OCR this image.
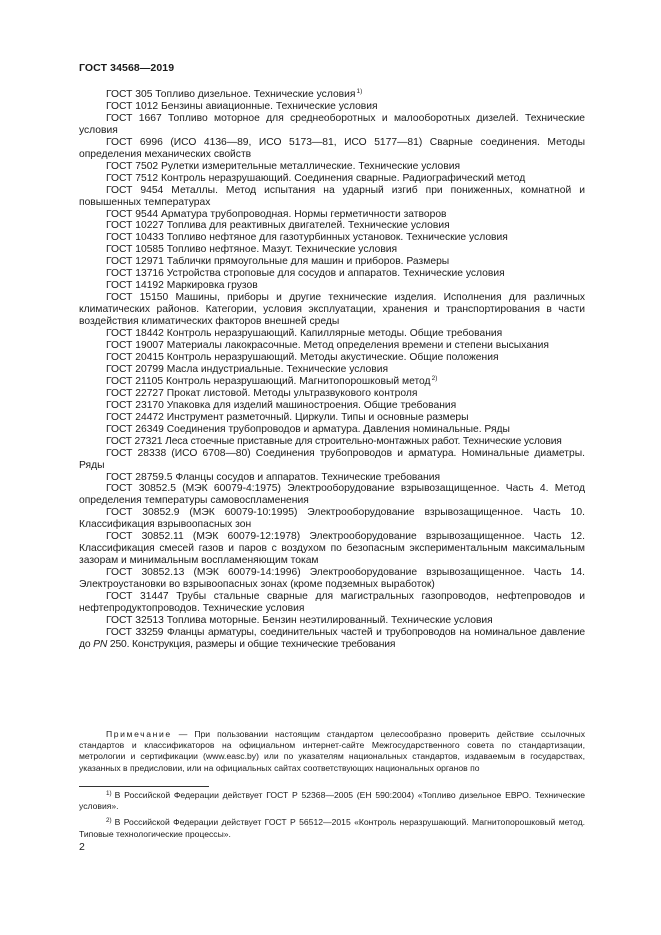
ГОСТ 34568—2019

ГОСТ 305 Топливо дизельное. Технические условия$^{1)}$

ГОСТ 1012 Бензины авиационные. Технические условия

ГОСТ 1667 Топливо моторное для среднеоборотных и малооборотных дизелей. Технические условия

ГОСТ 6996 (ИСО 4136—89, ИСО 5173—81, ИСО 5177—81) Сварные соединения. Методы определения механических свойств

ГОСТ 7502 Рулетки измерительные металлические. Технические условия

ГОСТ 7512 Контроль неразрушающий. Соединения сварные. Радиографический метод

ГОСТ 9454 Металлы. Метод испытания на ударный изгиб при пониженных, комнатной и повышенных температурах

ГОСТ 9544 Арматура трубопроводная. Нормы герметичности затворов

ГОСТ 10227 Топлива для реактивных двигателей. Технические условия

ГОСТ 10433 Топливо нефтяное для газотурбинных установок. Технические условия

ГОСТ 10585 Топливо нефтяное. Мазут. Технические условия

ГОСТ 12971 Таблички прямоугольные для машин и приборов. Размеры

ГОСТ 13716 Устройства строповые для сосудов и аппаратов. Технические условия

ГОСТ 14192 Маркировка грузов

ГОСТ 15150 Машины, приборы и другие технические изделия. Исполнения для различных климатических районов. Категории, условия эксплуатации, хранения и транспортирования в части воздействия климатических факторов внешней среды

ГОСТ 18442 Контроль неразрушающий. Капиллярные методы. Общие требования

ГОСТ 19007 Материалы лакокрасочные. Метод определения времени и степени высыхания

ГОСТ 20415 Контроль неразрушающий. Методы акустические. Общие положения

ГОСТ 20799 Масла индустриальные. Технические условия

ГОСТ 21105 Контроль неразрушающий. Магнитопорошковый метод$^{2)}$

ГОСТ 22727 Прокат листовой. Методы ультразвукового контроля

ГОСТ 23170 Упаковка для изделий машиностроения. Общие требования

ГОСТ 24472 Инструмент разметочный. Циркули. Типы и основные размеры

ГОСТ 26349 Соединения трубопроводов и арматура. Давления номинальные. Ряды

ГОСТ 27321 Леса стоечные приставные для строительно-монтажных работ. Технические условия

ГОСТ 28338 (ИСО 6708—80) Соединения трубопроводов и арматура. Номинальные диаметры. Ряды

ГОСТ 28759.5 Фланцы сосудов и аппаратов. Технические требования

ГОСТ 30852.5 (МЭК 60079-4:1975) Электрооборудование взрывозащищенное. Часть 4. Метод определения температуры самовоспламенения

ГОСТ 30852.9 (МЭК 60079-10:1995) Электрооборудование взрывозащищенное. Часть 10. Классификация взрывоопасных зон

ГОСТ 30852.11 (МЭК 60079-12:1978) Электрооборудование взрывозащищенное. Часть 12. Классификация смесей газов и паров с воздухом по безопасным экспериментальным максимальным зазорам и минимальным воспламеняющим токам

ГОСТ 30852.13 (МЭК 60079-14:1996) Электрооборудование взрывозащищенное. Часть 14. Электроустановки во взрывоопасных зонах (кроме подземных выработок)

ГОСТ 31447 Трубы стальные сварные для магистральных газопроводов, нефтепроводов и нефтепродуктопроводов. Технические условия

ГОСТ 32513 Топлива моторные. Бензин неэтилированный. Технические условия

ГОСТ 33259 Фланцы арматуры, соединительных частей и трубопроводов на номинальное давление до PN 250. Конструкция, размеры и общие технические требования

Примечание — При пользовании настоящим стандартом целесообразно проверить действие ссылочных стандартов и классификаторов на официальном интернет-сайте Межгосударственного совета по стандартизации, метрологии и сертификации (www.easc.by) или по указателям национальных стандартов, издаваемым в государствах, указанных в предисловии, или на официальных сайтах соответствующих национальных органов по

$^{1)}$ В Российской Федерации действует ГОСТ Р 52368—2005 (ЕН 590:2004) «Топливо дизельное ЕВРО. Технические условия».

$^{2)}$ В Российской Федерации действует ГОСТ Р 56512—2015 «Контроль неразрушающий. Магнитопорошковый метод. Типовые технологические процессы».

2
